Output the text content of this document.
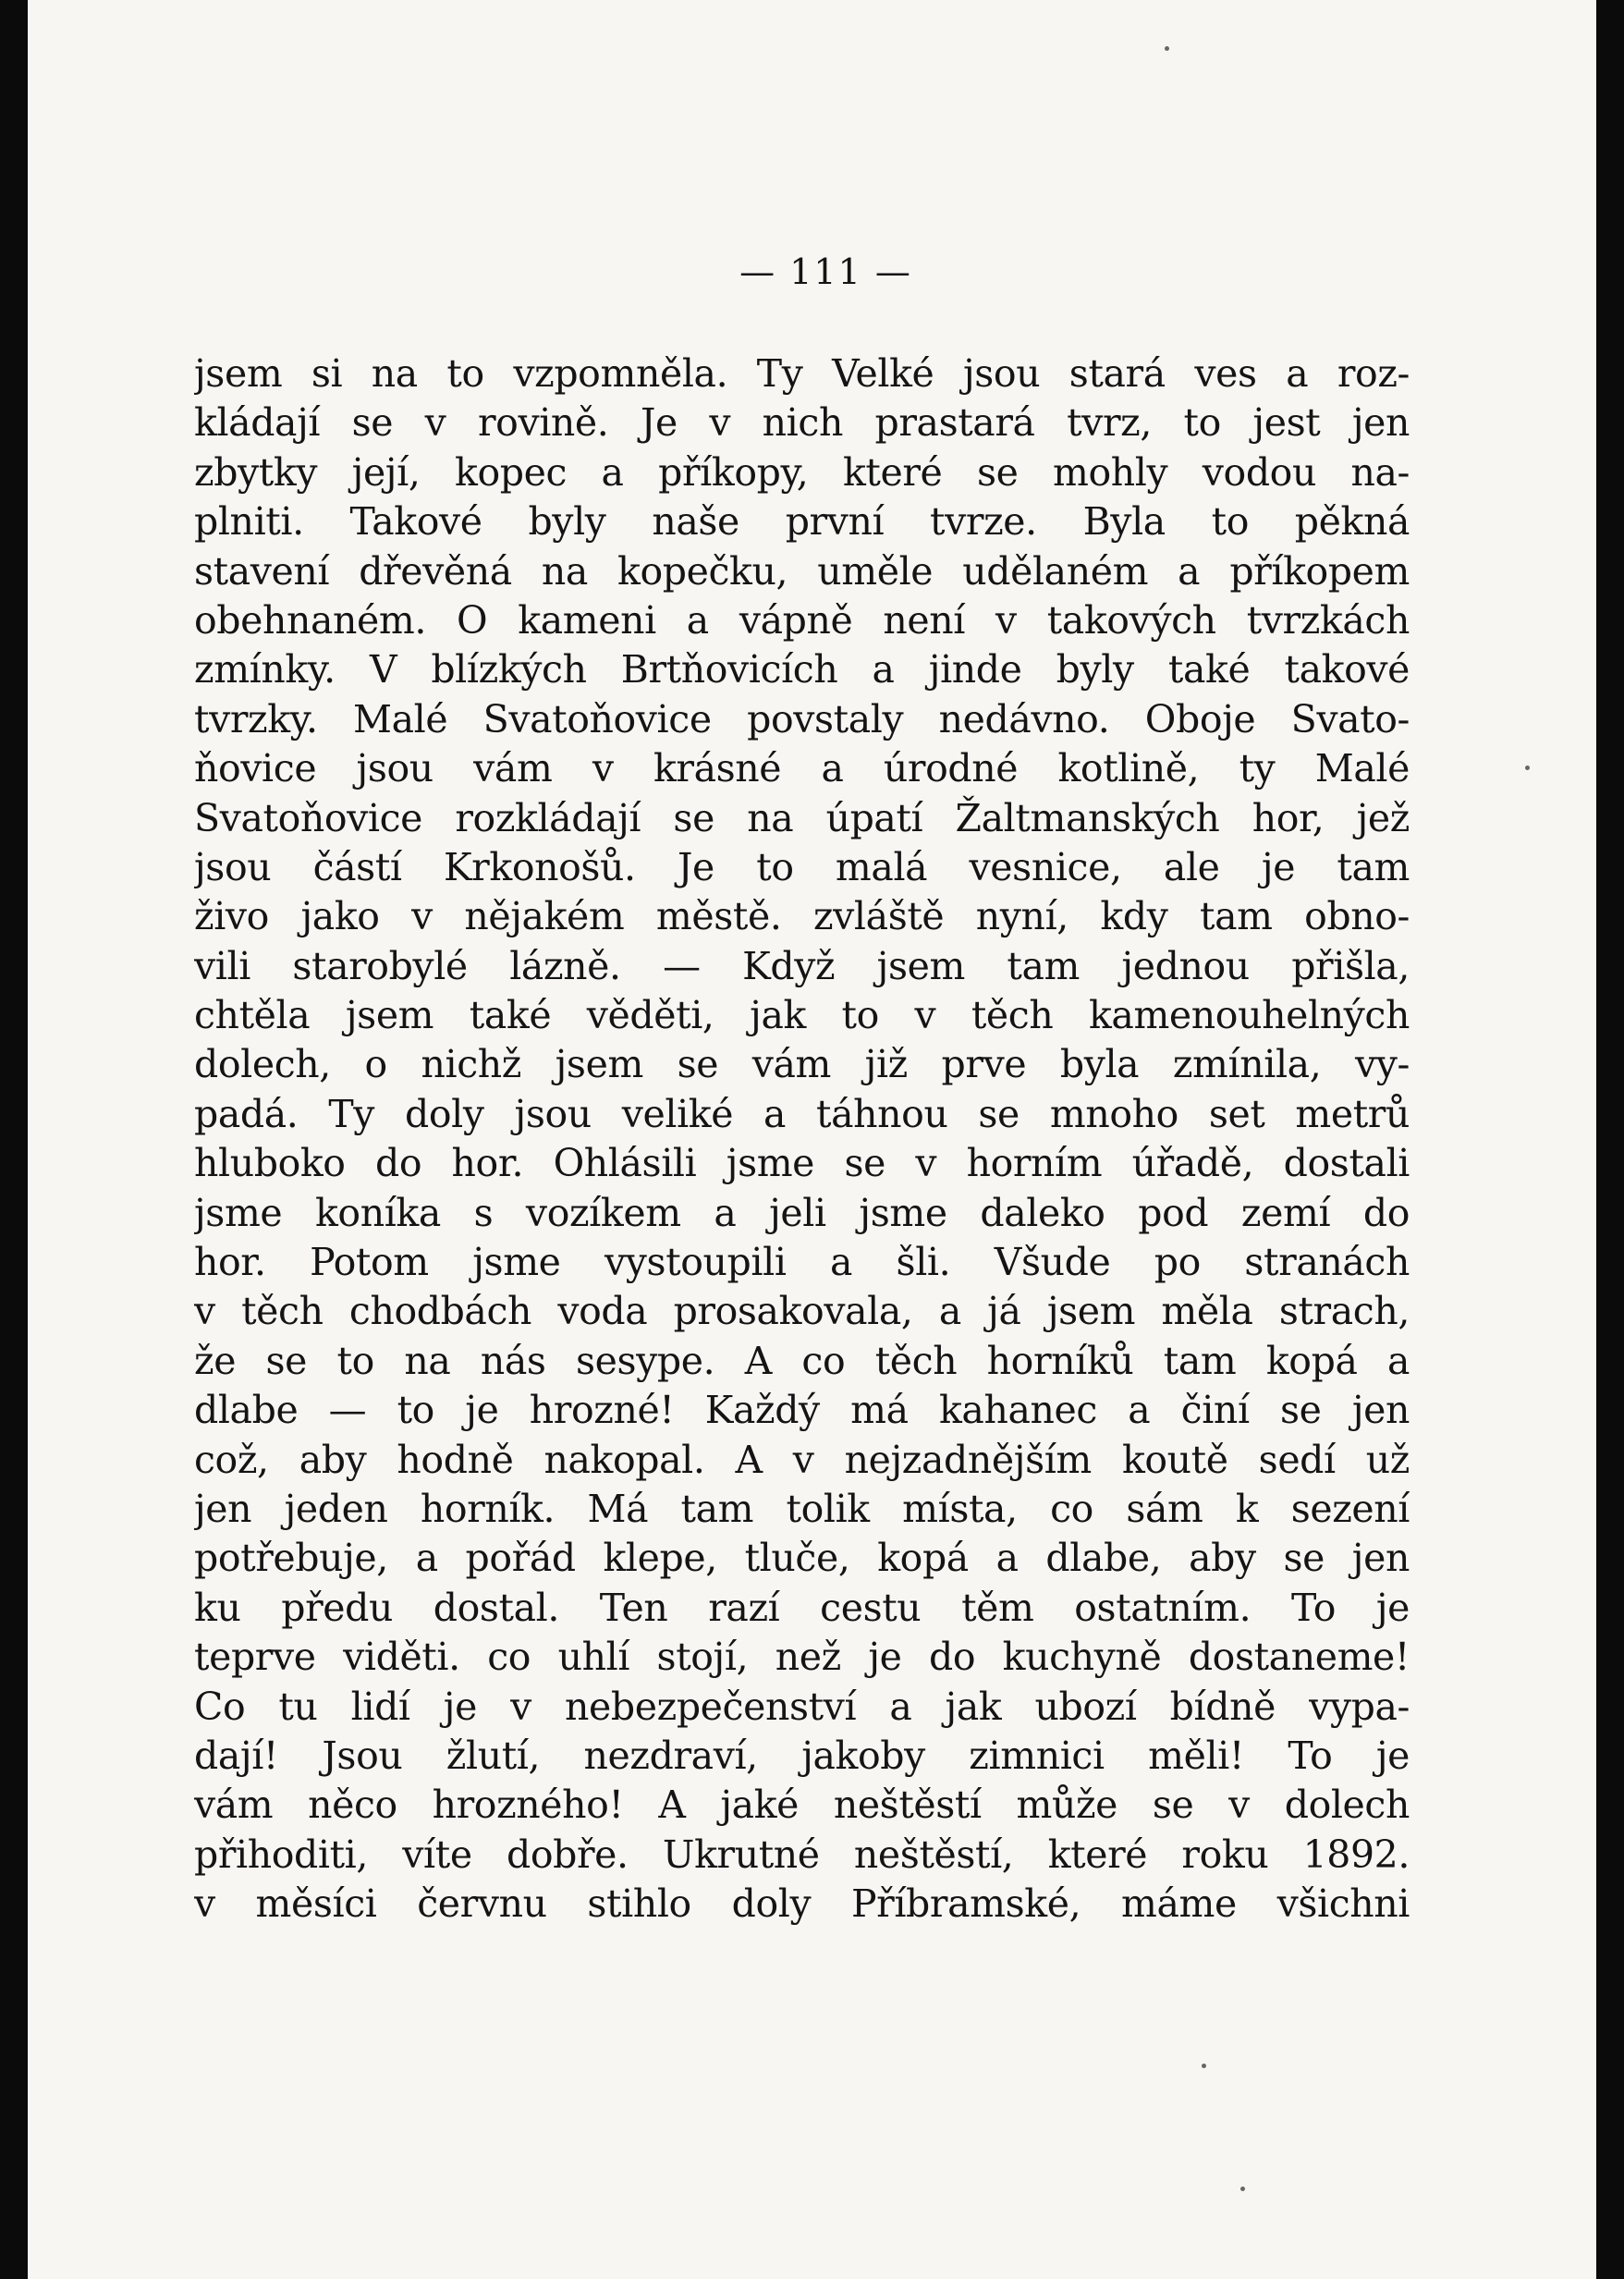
— 111 —
jsem si na to vzpomněla. Ty Velké jsou stará ves a roz-
kládají se v rovině. Je v nich prastará tvrz, to jest jen
zbytky její, kopec a příkopy, které se mohly vodou na-
plniti. Takové byly naše první tvrze. Byla to pěkná
stavení dřevěná na kopečku, uměle udělaném a příkopem
obehnaném. O kameni a vápně není v takových tvrzkách
zmínky. V blízkých Brtňovicích a jinde byly také takové
tvrzky. Malé Svatoňovice povstaly nedávno. Oboje Svato-
ňovice jsou vám v krásné a úrodné kotlině, ty Malé
Svatoňovice rozkládají se na úpatí Žaltmanských hor, jež
jsou částí Krkonošů. Je to malá vesnice, ale je tam
živo jako v nějakém městě. zvláště nyní, kdy tam obno-
vili starobylé lázně. — Když jsem tam jednou přišla,
chtěla jsem také věděti, jak to v těch kamenouhelných
dolech, o nichž jsem se vám již prve byla zmínila, vy-
padá. Ty doly jsou veliké a táhnou se mnoho set metrů
hluboko do hor. Ohlásili jsme se v horním úřadě, dostali
jsme koníka s vozíkem a jeli jsme daleko pod zemí do
hor. Potom jsme vystoupili a šli. Všude po stranách
v těch chodbách voda prosakovala, a já jsem měla strach,
že se to na nás sesype. A co těch horníků tam kopá a
dlabe — to je hrozné! Každý má kahanec a činí se jen
což, aby hodně nakopal. A v nejzadnějším koutě sedí už
jen jeden horník. Má tam tolik místa, co sám k sezení
potřebuje, a pořád klepe, tluče, kopá a dlabe, aby se jen
ku předu dostal. Ten razí cestu těm ostatním. To je
teprve viděti. co uhlí stojí, než je do kuchyně dostaneme!
Co tu lidí je v nebezpečenství a jak ubozí bídně vypa-
dají! Jsou žlutí, nezdraví, jakoby zimnici měli! To je
vám něco hrozného! A jaké neštěstí může se v dolech
přihoditi, víte dobře. Ukrutné neštěstí, které roku 1892.
v měsíci červnu stihlo doly Příbramské, máme všichni
